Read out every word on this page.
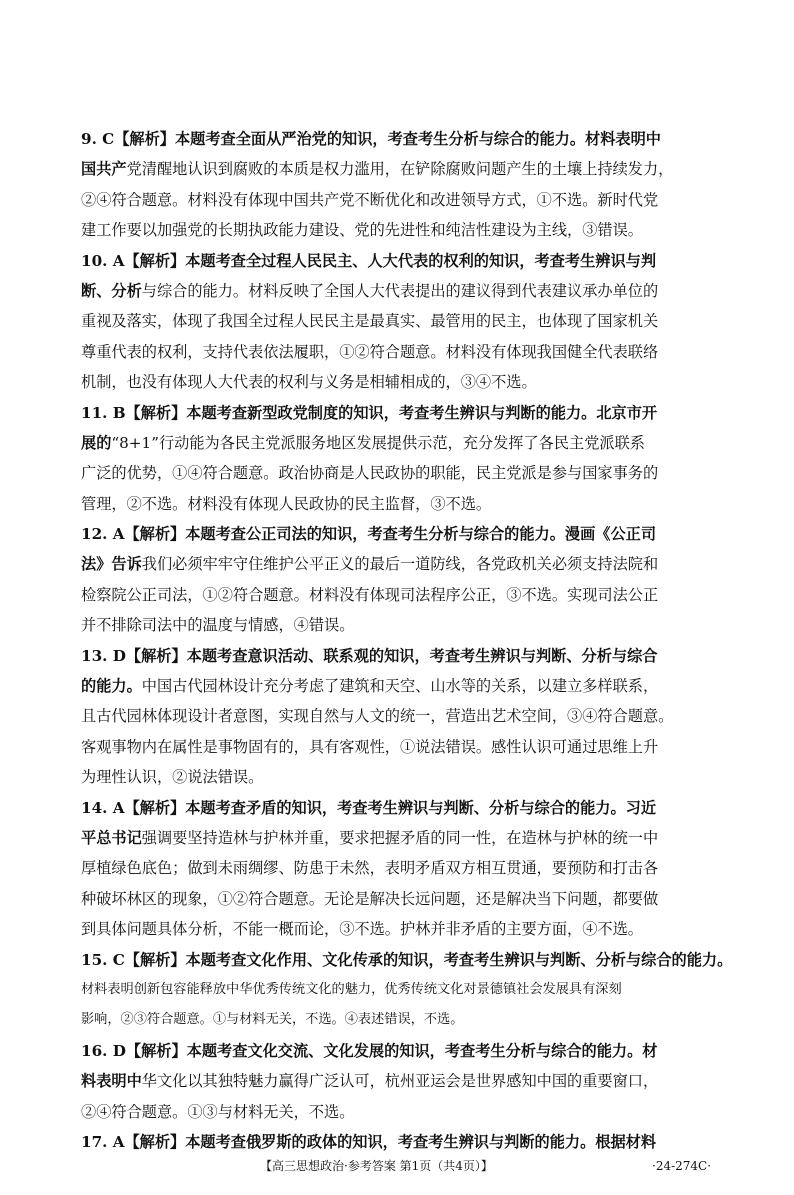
9. C【解析】本题考查全面从严治党的知识，考查考生分析与综合的能力。材料表明中
国共产党清醒地认识到腐败的本质是权力滥用，在铲除腐败问题产生的土壤上持续发力，
②④符合题意。材料没有体现中国共产党不断优化和改进领导方式，①不选。新时代党
建工作要以加强党的长期执政能力建设、党的先进性和纯洁性建设为主线，③错误。
10. A【解析】本题考查全过程人民民主、人大代表的权利的知识，考查考生辨识与判
断、分析与综合的能力。材料反映了全国人大代表提出的建议得到代表建议承办单位的
重视及落实，体现了我国全过程人民民主是最真实、最管用的民主，也体现了国家机关
尊重代表的权利，支持代表依法履职，①②符合题意。材料没有体现我国健全代表联络
机制，也没有体现人大代表的权利与义务是相辅相成的，③④不选。
11. B【解析】本题考查新型政党制度的知识，考查考生辨识与判断的能力。北京市开
展的“8+1”行动能为各民主党派服务地区发展提供示范，充分发挥了各民主党派联系
广泛的优势，①④符合题意。政治协商是人民政协的职能，民主党派是参与国家事务的
管理，②不选。材料没有体现人民政协的民主监督，③不选。
12. A【解析】本题考查公正司法的知识，考查考生分析与综合的能力。漫画《公正司
法》告诉我们必须牢牢守住维护公平正义的最后一道防线，各党政机关必须支持法院和
检察院公正司法，①②符合题意。材料没有体现司法程序公正，③不选。实现司法公正
并不排除司法中的温度与情感，④错误。
13. D【解析】本题考查意识活动、联系观的知识，考查考生辨识与判断、分析与综合
的能力。中国古代园林设计充分考虑了建筑和天空、山水等的关系，以建立多样联系，
且古代园林体现设计者意图，实现自然与人文的统一，营造出艺术空间，③④符合题意。
客观事物内在属性是事物固有的，具有客观性，①说法错误。感性认识可通过思维上升
为理性认识，②说法错误。
14. A【解析】本题考查矛盾的知识，考查考生辨识与判断、分析与综合的能力。习近
平总书记强调要坚持造林与护林并重，要求把握矛盾的同一性，在造林与护林的统一中
厚植绿色底色；做到未雨绸缪、防患于未然，表明矛盾双方相互贯通，要预防和打击各
种破坏林区的现象，①②符合题意。无论是解决长远问题，还是解决当下问题，都要做
到具体问题具体分析，不能一概而论，③不选。护林并非矛盾的主要方面，④不选。
15. C【解析】本题考查文化作用、文化传承的知识，考查考生辨识与判断、分析与综合的能力。
材料表明创新包容能释放中华优秀传统文化的魅力，优秀传统文化对景德镇社会发展具有深刻
影响，②③符合题意。①与材料无关，不选。④表述错误，不选。
16. D【解析】本题考查文化交流、文化发展的知识，考查考生分析与综合的能力。材
料表明中华文化以其独特魅力赢得广泛认可，杭州亚运会是世界感知中国的重要窗口，
②④符合题意。①③与材料无关，不选。
17. A【解析】本题考查俄罗斯的政体的知识，考查考生辨识与判断的能力。根据材料
【高三思想政治·参考答案 第1页（共4页）】	·24-274C·
